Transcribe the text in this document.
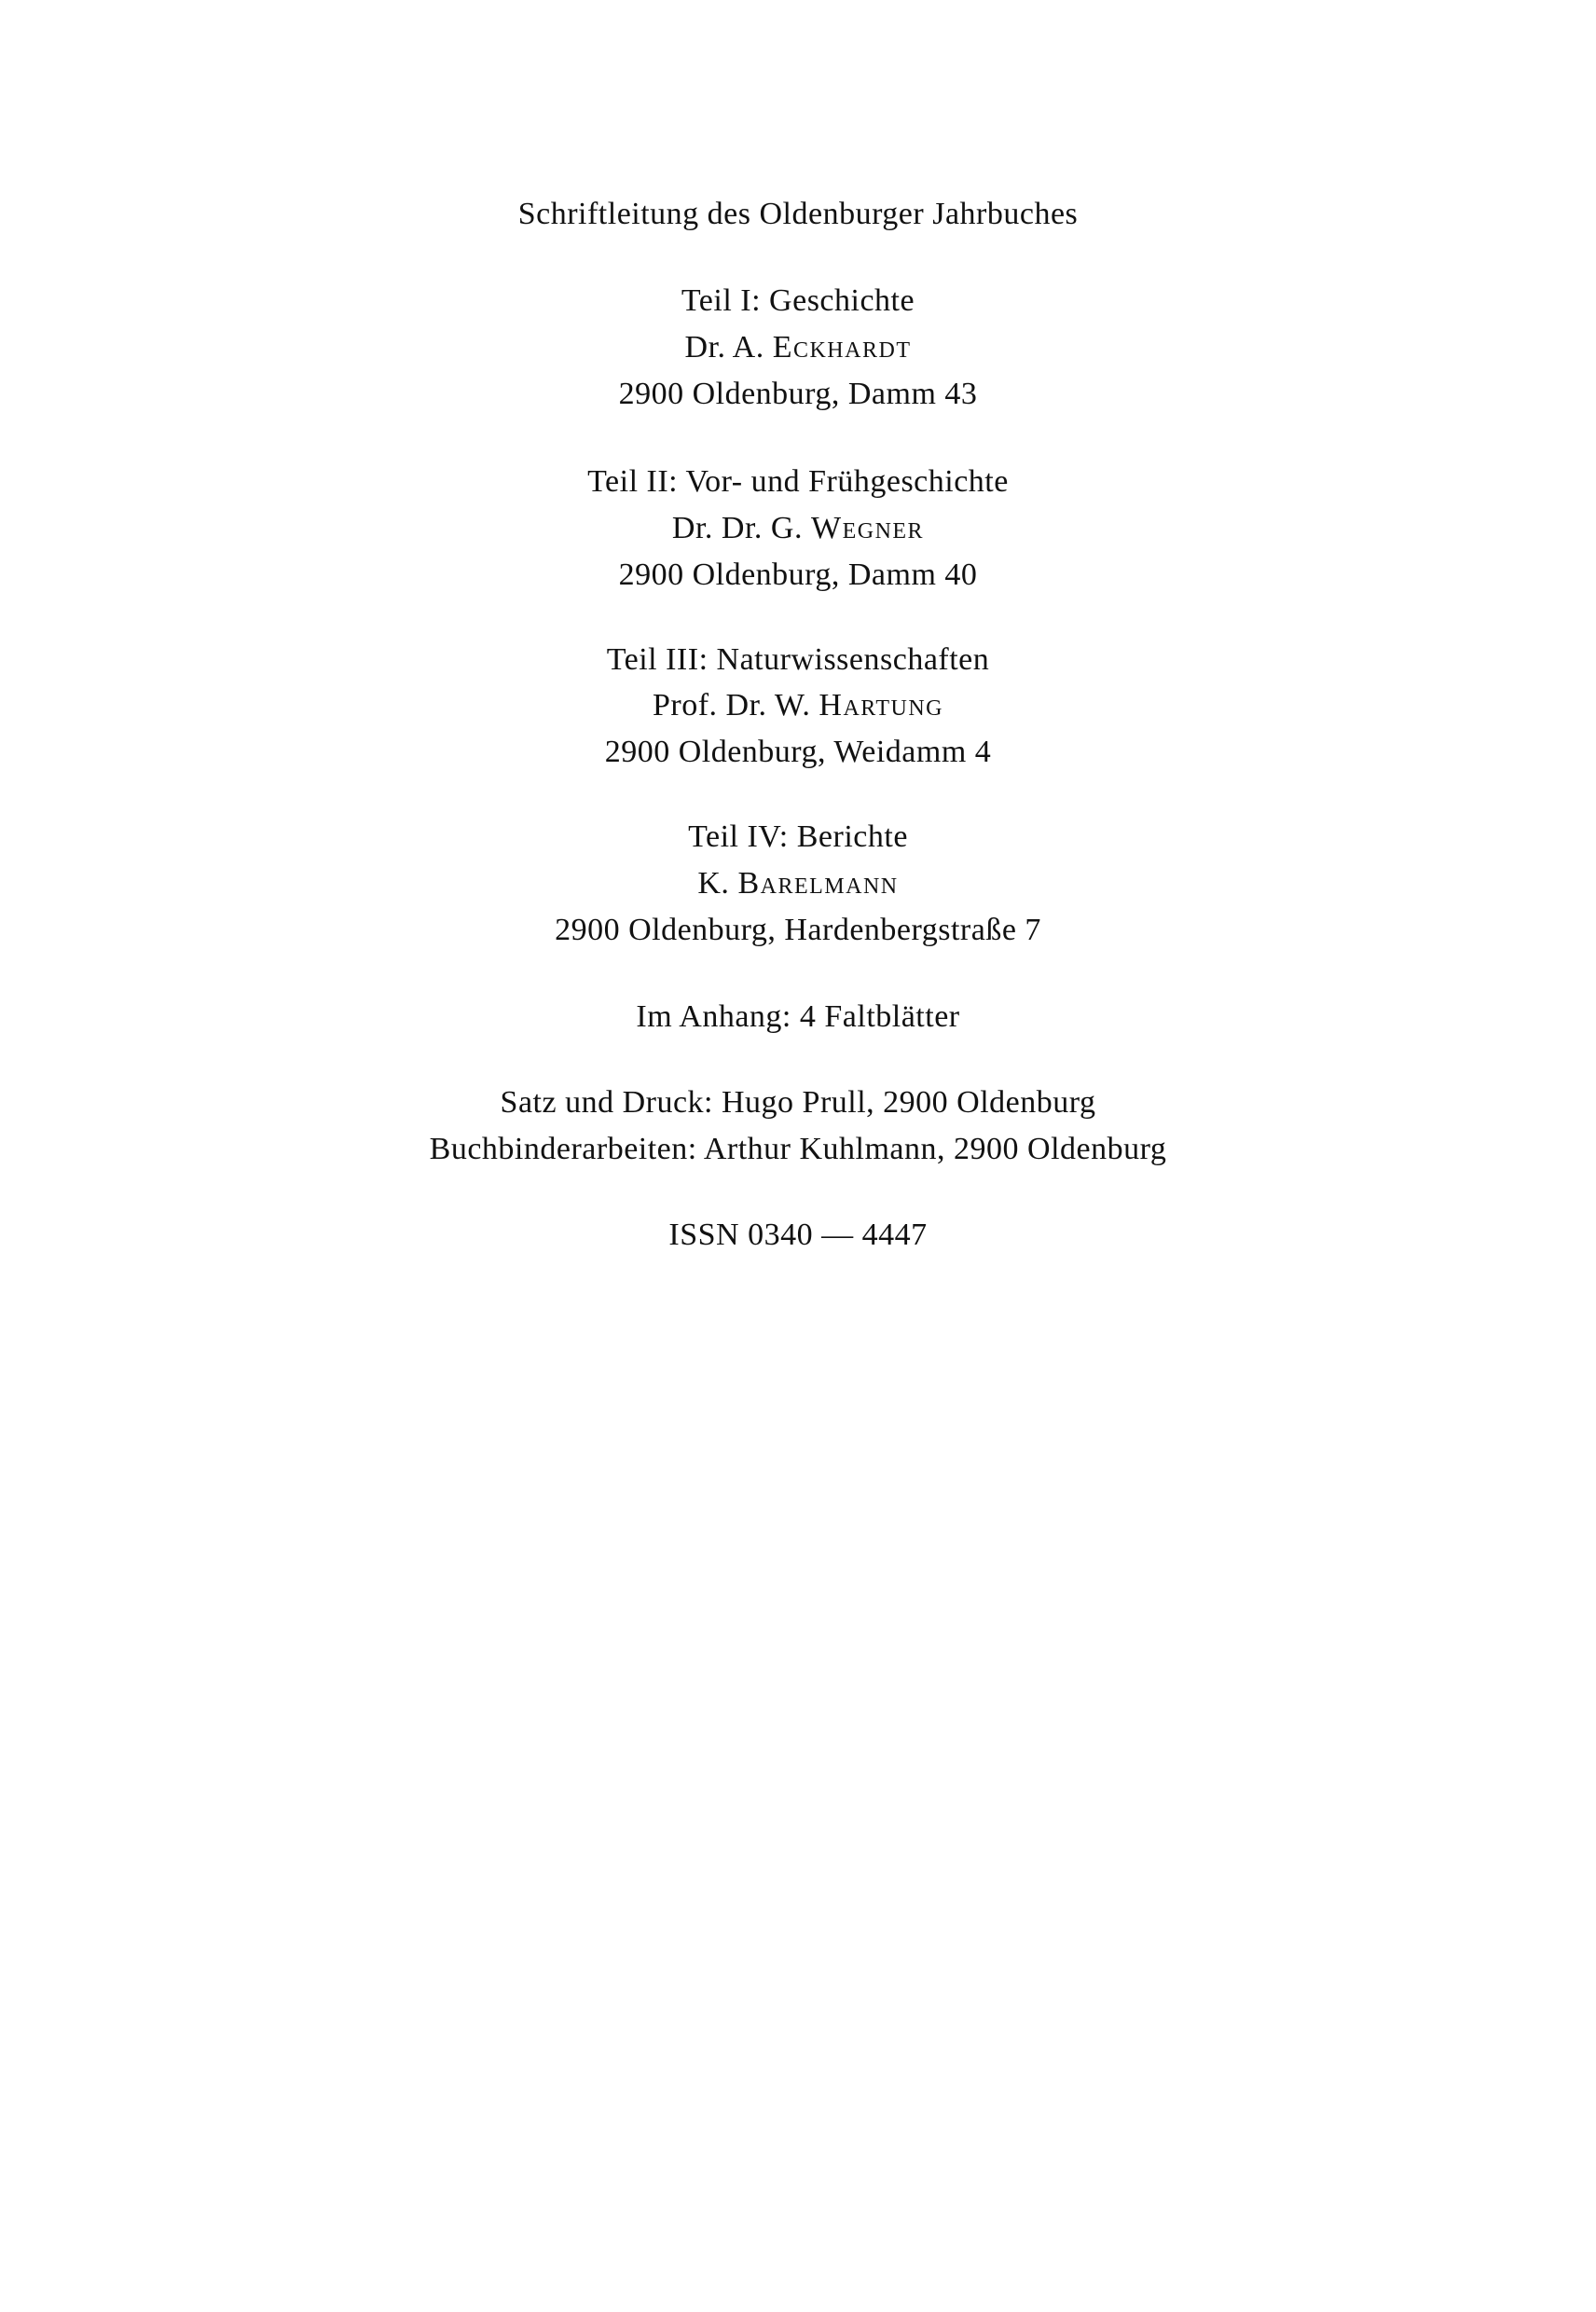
Schriftleitung des Oldenburger Jahrbuches
Teil I: Geschichte
Dr. A. Eckhardt
2900 Oldenburg, Damm 43
Teil II: Vor- und Frühgeschichte
Dr. Dr. G. Wegner
2900 Oldenburg, Damm 40
Teil III: Naturwissenschaften
Prof. Dr. W. Hartung
2900 Oldenburg, Weidamm 4
Teil IV: Berichte
K. Barelmann
2900 Oldenburg, Hardenbergstraße 7
Im Anhang: 4 Faltblätter
Satz und Druck: Hugo Prull, 2900 Oldenburg
Buchbinderarbeiten: Arthur Kuhlmann, 2900 Oldenburg
ISSN 0340 — 4447
